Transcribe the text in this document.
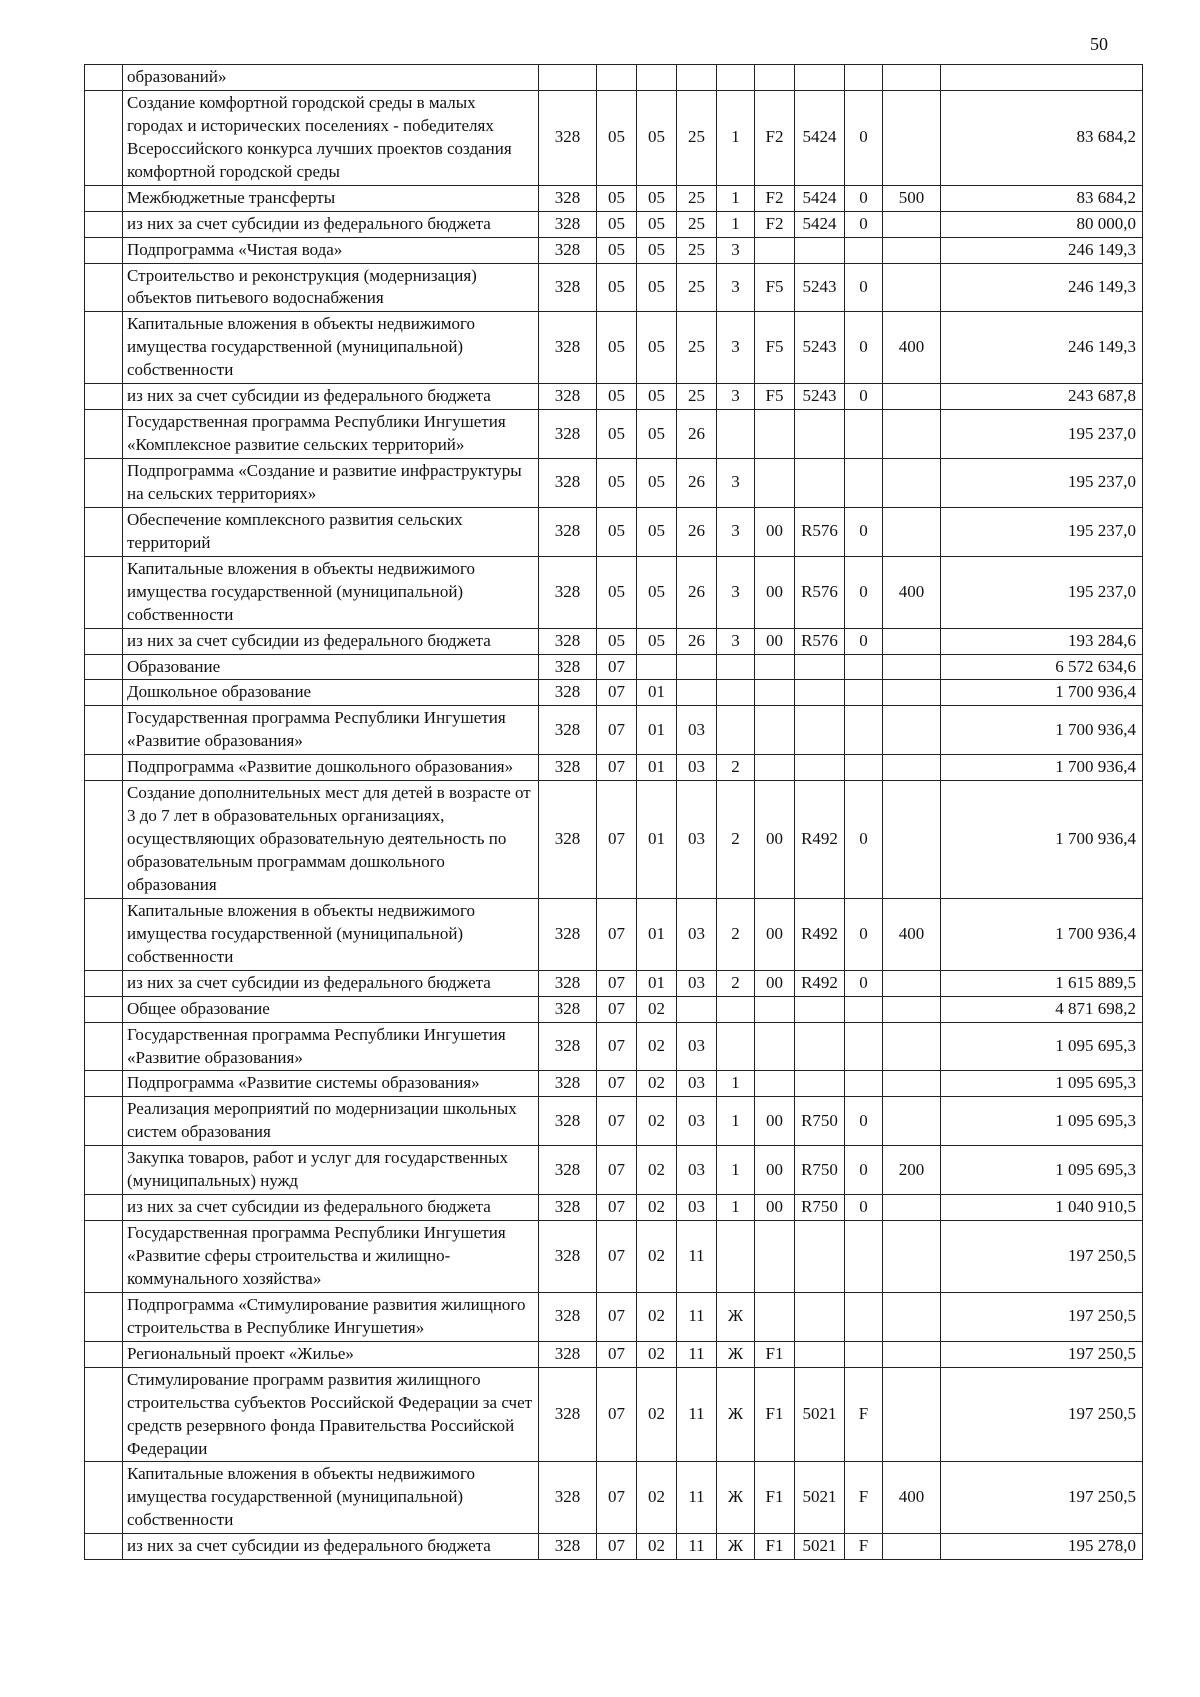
50
	образований»										
	Создание комфортной городской среды в малых городах и исторических поселениях - победителях Всероссийского конкурса лучших проектов создания комфортной городской среды	328	05	05	25	1	F2	5424	0		83 684,2
	Межбюджетные трансферты	328	05	05	25	1	F2	5424	0	500	83 684,2
	из них за счет субсидии из федерального бюджета	328	05	05	25	1	F2	5424	0		80 000,0
	Подпрограмма «Чистая вода»	328	05	05	25	3					246 149,3
	Строительство и реконструкция (модернизация) объектов питьевого водоснабжения	328	05	05	25	3	F5	5243	0		246 149,3
	Капитальные вложения в объекты недвижимого имущества государственной (муниципальной) собственности	328	05	05	25	3	F5	5243	0	400	246 149,3
	из них за счет субсидии из федерального бюджета	328	05	05	25	3	F5	5243	0		243 687,8
	Государственная программа Республики Ингушетия «Комплексное развитие сельских территорий»	328	05	05	26						195 237,0
	Подпрограмма «Создание и развитие инфраструктуры на сельских территориях»	328	05	05	26	3					195 237,0
	Обеспечение комплексного развития сельских территорий	328	05	05	26	3	00	R576	0		195 237,0
	Капитальные вложения в объекты недвижимого имущества государственной (муниципальной) собственности	328	05	05	26	3	00	R576	0	400	195 237,0
	из них за счет субсидии из федерального бюджета	328	05	05	26	3	00	R576	0		193 284,6
	Образование	328	07								6 572 634,6
	Дошкольное образование	328	07	01							1 700 936,4
	Государственная программа Республики Ингушетия «Развитие образования»	328	07	01	03						1 700 936,4
	Подпрограмма «Развитие дошкольного образования»	328	07	01	03	2					1 700 936,4
	Создание дополнительных мест для детей в возрасте от 3 до 7 лет в образовательных организациях, осуществляющих образовательную деятельность по образовательным программам дошкольного образования	328	07	01	03	2	00	R492	0		1 700 936,4
	Капитальные вложения в объекты недвижимого имущества государственной (муниципальной) собственности	328	07	01	03	2	00	R492	0	400	1 700 936,4
	из них за счет субсидии из федерального бюджета	328	07	01	03	2	00	R492	0		1 615 889,5
	Общее образование	328	07	02							4 871 698,2
	Государственная программа Республики Ингушетия «Развитие образования»	328	07	02	03						1 095 695,3
	Подпрограмма «Развитие системы образования»	328	07	02	03	1					1 095 695,3
	Реализация мероприятий по модернизации школьных систем образования	328	07	02	03	1	00	R750	0		1 095 695,3
	Закупка товаров, работ и услуг для государственных (муниципальных) нужд	328	07	02	03	1	00	R750	0	200	1 095 695,3
	из них за счет субсидии из федерального бюджета	328	07	02	03	1	00	R750	0		1 040 910,5
	Государственная программа Республики Ингушетия «Развитие сферы строительства и жилищно-коммунального хозяйства»	328	07	02	11						197 250,5
	Подпрограмма «Стимулирование развития жилищного строительства в Республике Ингушетия»	328	07	02	11	Ж					197 250,5
	Региональный проект «Жилье»	328	07	02	11	Ж	F1				197 250,5
	Стимулирование программ развития жилищного строительства субъектов Российской Федерации за счет средств резервного фонда Правительства Российской Федерации	328	07	02	11	Ж	F1	5021	F		197 250,5
	Капитальные вложения в объекты недвижимого имущества государственной (муниципальной) собственности	328	07	02	11	Ж	F1	5021	F	400	197 250,5
	из них за счет субсидии из федерального бюджета	328	07	02	11	Ж	F1	5021	F		195 278,0
